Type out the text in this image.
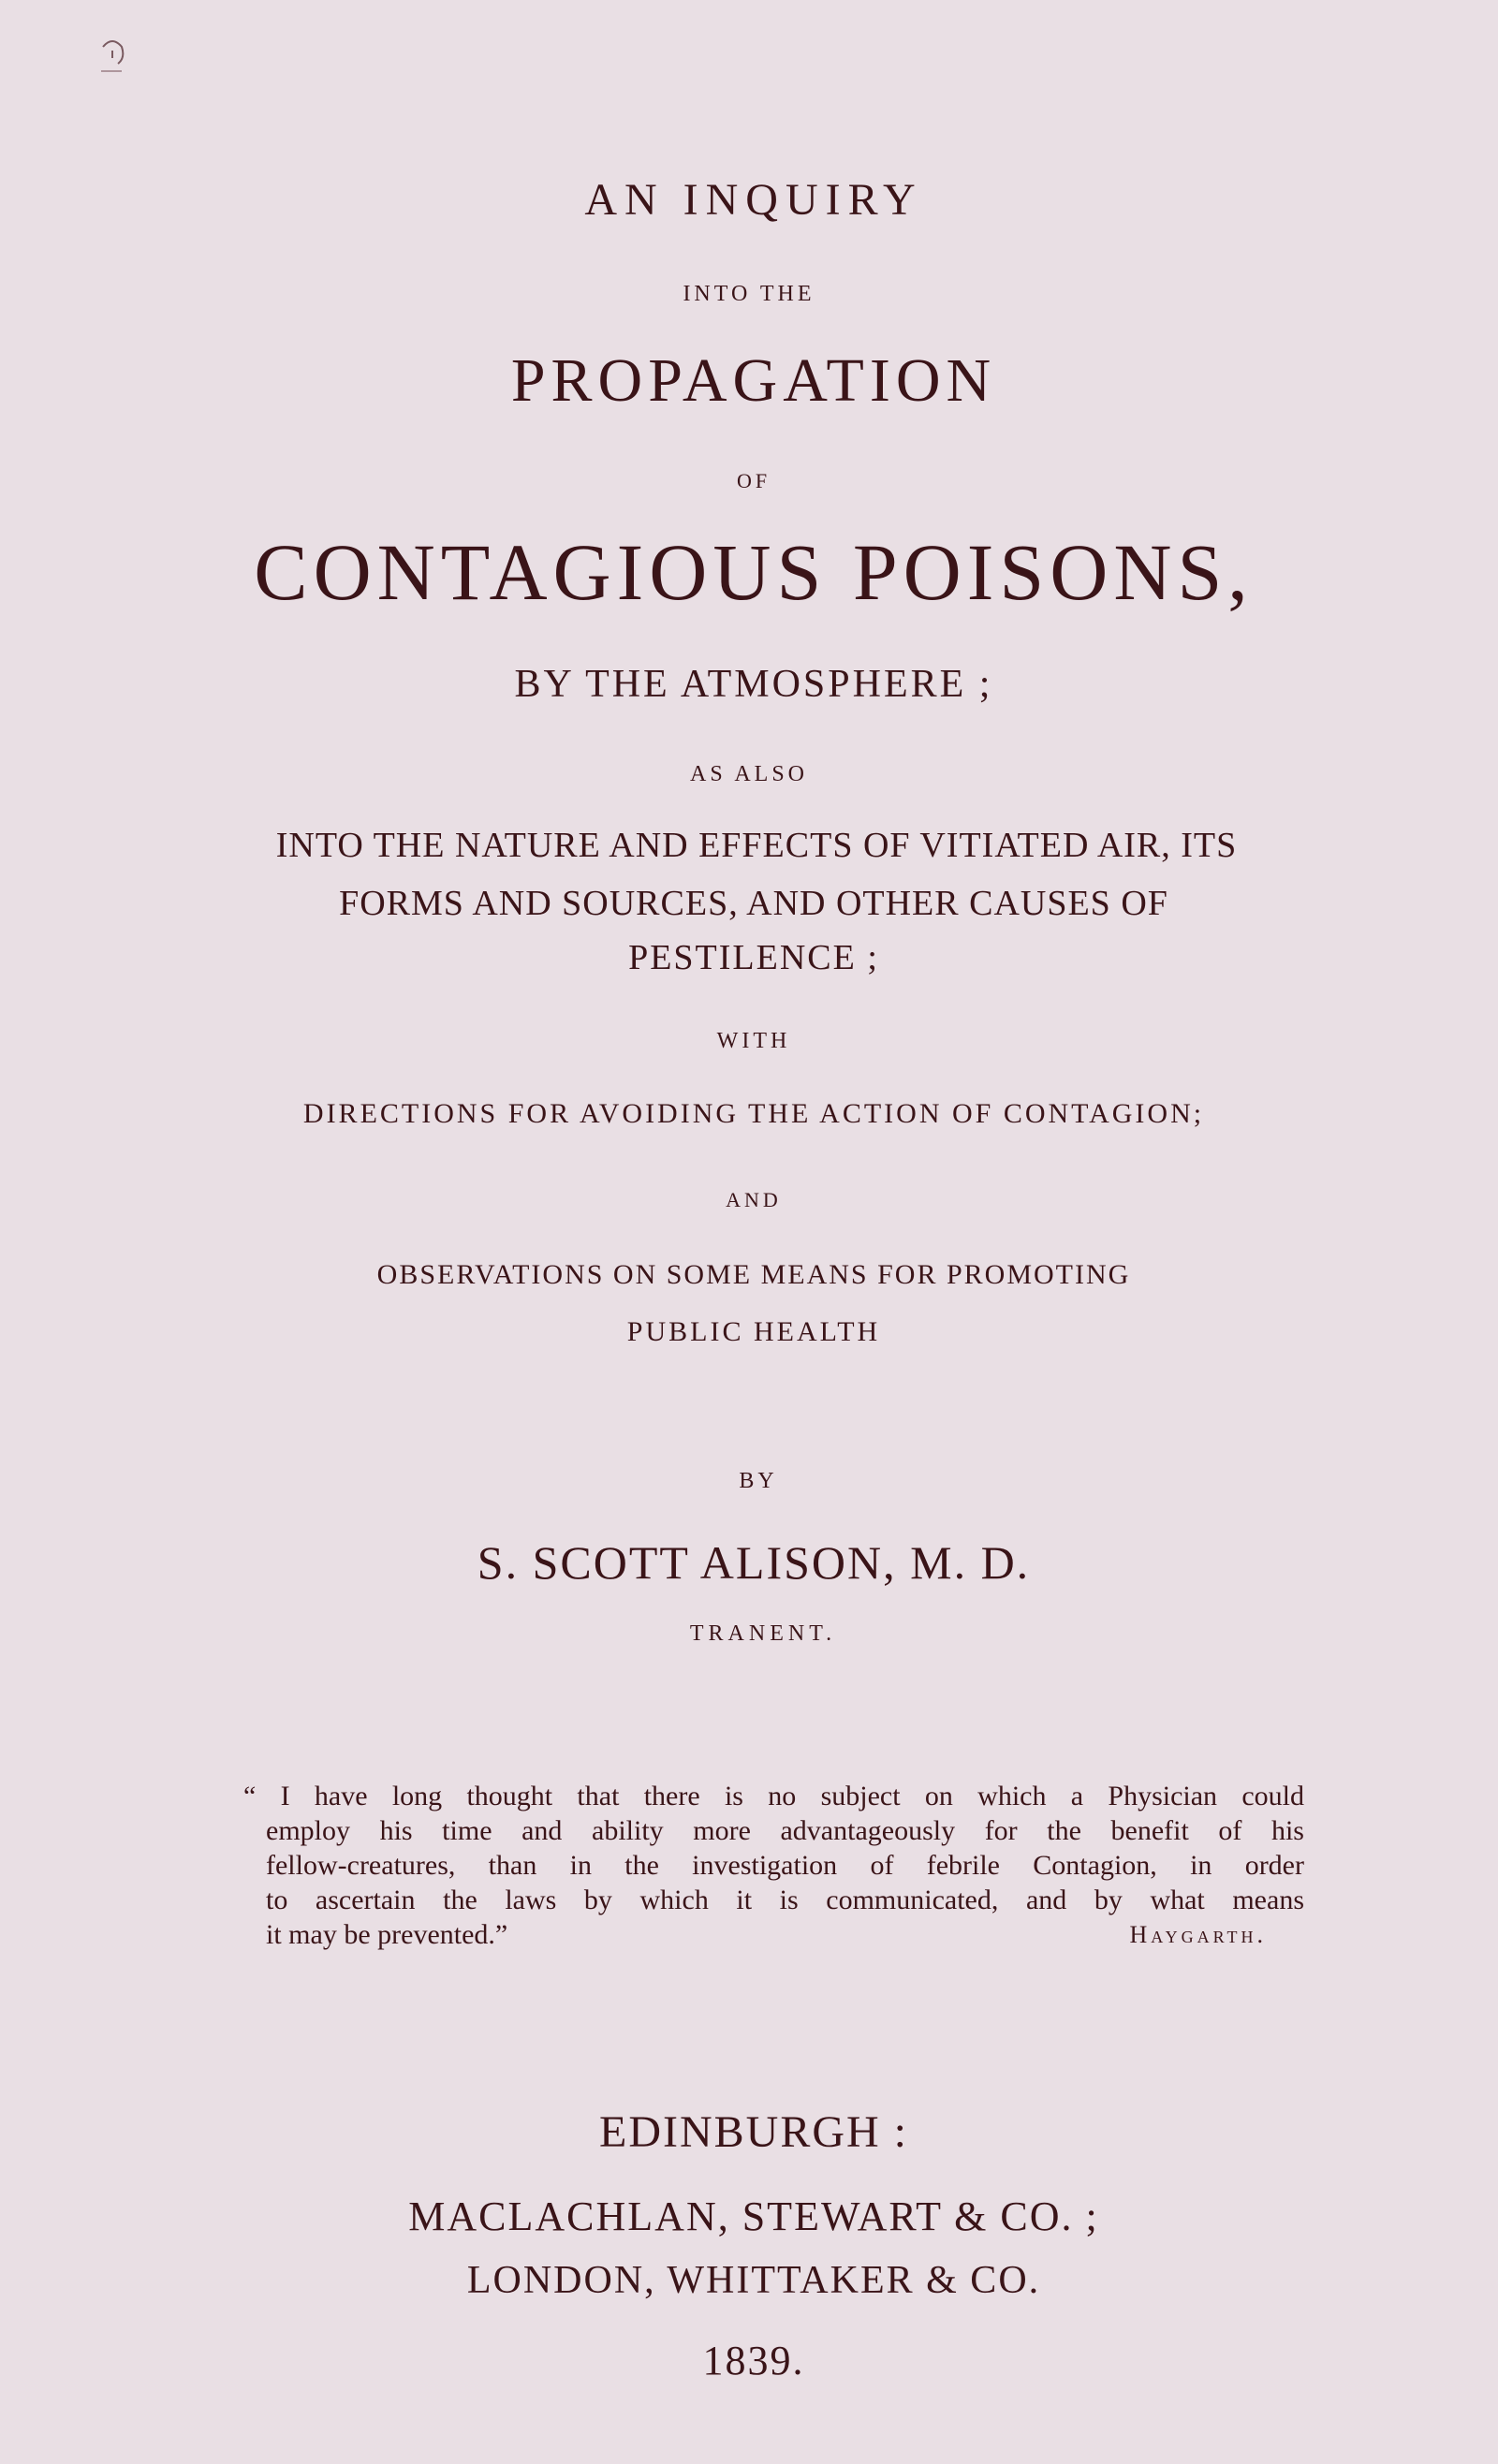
AN INQUIRY
INTO THE
PROPAGATION
OF
CONTAGIOUS POISONS,
BY THE ATMOSPHERE ;
AS ALSO
INTO THE NATURE AND EFFECTS OF VITIATED AIR, ITS
FORMS AND SOURCES, AND OTHER CAUSES OF
PESTILENCE ;
WITH
DIRECTIONS FOR AVOIDING THE ACTION OF CONTAGION;
AND
OBSERVATIONS ON SOME MEANS FOR PROMOTING
PUBLIC HEALTH
BY
S. SCOTT ALISON, M. D.
TRANENT.
“ I have long thought that there is no subject on which a Physician could
employ his time and ability more advantageously for the benefit of his
fellow-creatures, than in the investigation of febrile Contagion, in order
to ascertain the laws by which it is communicated, and by what means
it may be prevented.”	Haygarth.
EDINBURGH :
MACLACHLAN, STEWART & CO. ;
LONDON, WHITTAKER & CO.
1839.
